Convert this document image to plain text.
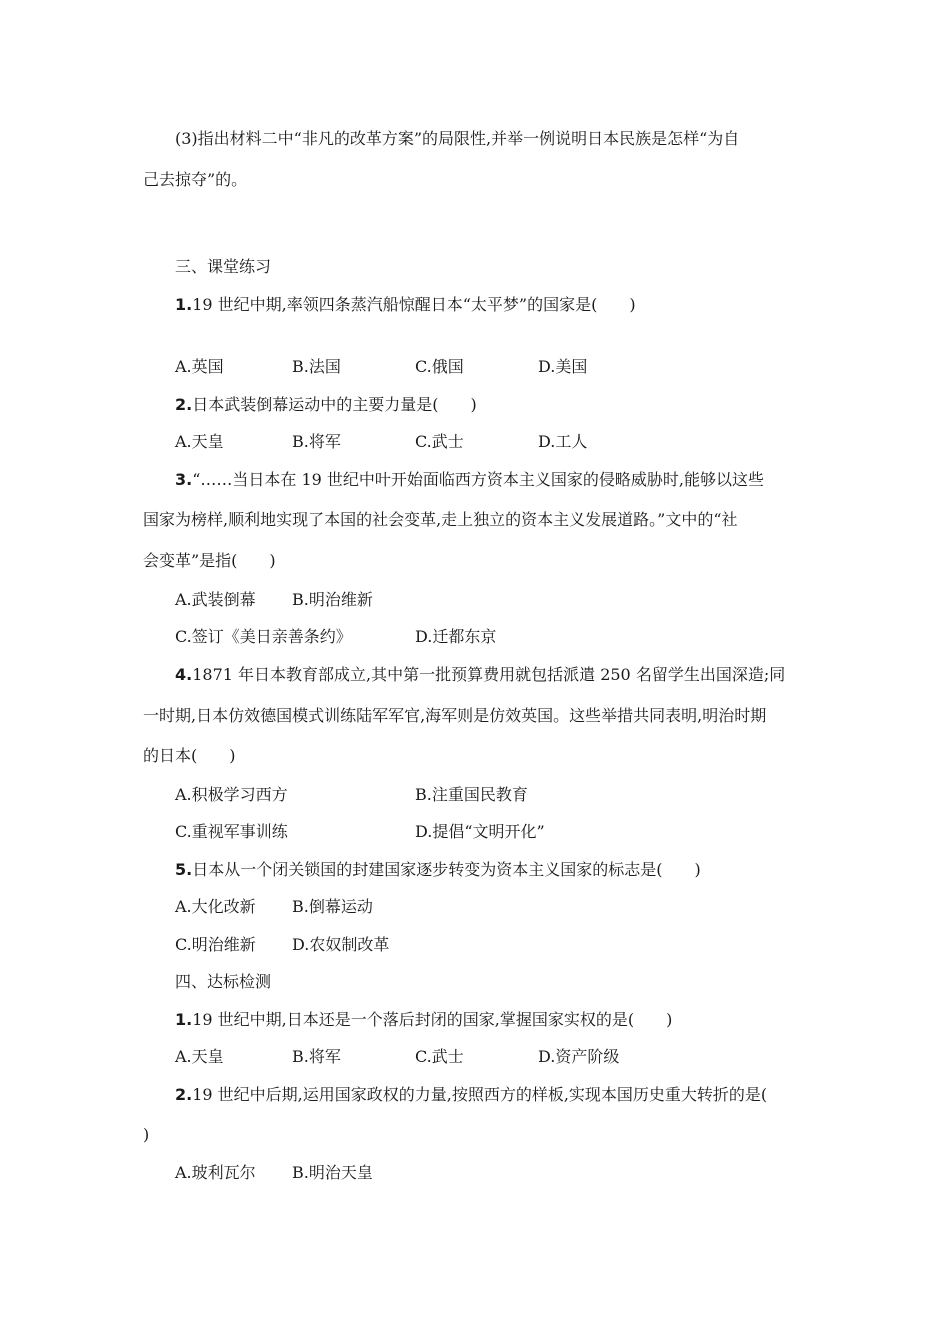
(3)指出材料二中“非凡的改革方案”的局限性,并举一例说明日本民族是怎样“为自
己去掠夺”的。
三、课堂练习
1.19 世纪中期,率领四条蒸汽船惊醒日本“太平梦”的国家是(　　)
A.英国	B.法国	C.俄国	D.美国
2.日本武装倒幕运动中的主要力量是(　　)
A.天皇	B.将军	C.武士	D.工人
3.“……当日本在 19 世纪中叶开始面临西方资本主义国家的侵略威胁时,能够以这些
国家为榜样,顺利地实现了本国的社会变革,走上独立的资本主义发展道路。”文中的“社
会变革”是指(　　)
A.武装倒幕 B.明治维新
C.签订《美日亲善条约》	D.迁都东京
4.1871 年日本教育部成立,其中第一批预算费用就包括派遣 250 名留学生出国深造;同
一时期,日本仿效德国模式训练陆军军官,海军则是仿效英国。这些举措共同表明,明治时期
的日本(　　)
A.积极学习西方	B.注重国民教育
C.重视军事训练	D.提倡“文明开化”
5.日本从一个闭关锁国的封建国家逐步转变为资本主义国家的标志是(　　)
A.大化改新 B.倒幕运动
C.明治维新 D.农奴制改革
四、达标检测
1.19 世纪中期,日本还是一个落后封闭的国家,掌握国家实权的是(　　)
A.天皇	B.将军	C.武士	D.资产阶级
2.19 世纪中后期,运用国家政权的力量,按照西方的样板,实现本国历史重大转折的是(
)
A.玻利瓦尔 B.明治天皇
